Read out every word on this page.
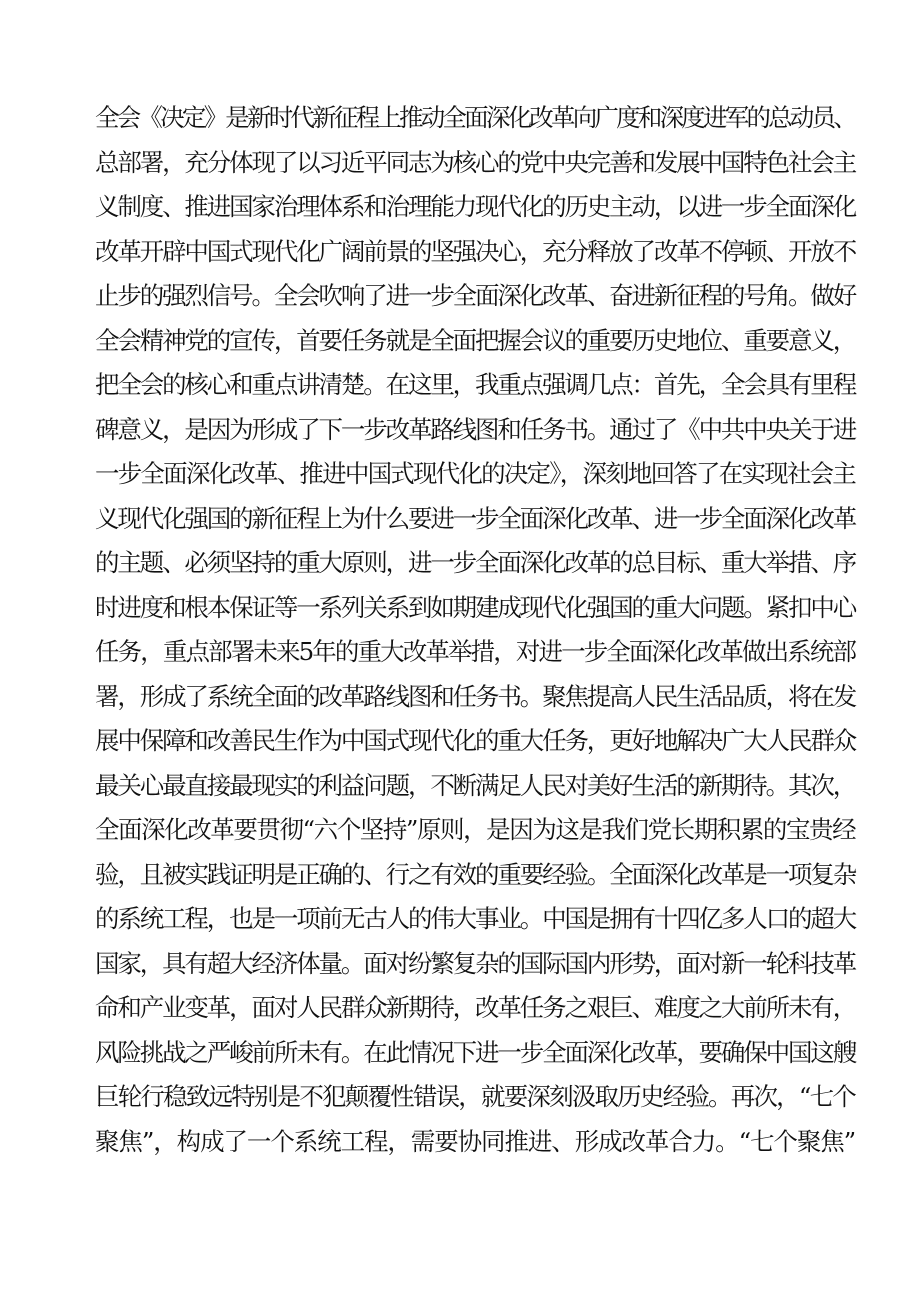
全会《决定》是新时代新征程上推动全面深化改革向广度和深度进军的总动员、
总部署，充分体现了以习近平同志为核心的党中央完善和发展中国特色社会主
义制度、推进国家治理体系和治理能力现代化的历史主动，以进一步全面深化
改革开辟中国式现代化广阔前景的坚强决心，充分释放了改革不停顿、开放不
止步的强烈信号。全会吹响了进一步全面深化改革、奋进新征程的号角。做好
全会精神党的宣传，首要任务就是全面把握会议的重要历史地位、重要意义，
把全会的核心和重点讲清楚。在这里，我重点强调几点：首先，全会具有里程
碑意义，是因为形成了下一步改革路线图和任务书。通过了《中共中央关于进
一步全面深化改革、推进中国式现代化的决定》，深刻地回答了在实现社会主
义现代化强国的新征程上为什么要进一步全面深化改革、进一步全面深化改革
的主题、必须坚持的重大原则，进一步全面深化改革的总目标、重大举措、序
时进度和根本保证等一系列关系到如期建成现代化强国的重大问题。紧扣中心
任务，重点部署未来5年的重大改革举措，对进一步全面深化改革做出系统部
署，形成了系统全面的改革路线图和任务书。聚焦提高人民生活品质，将在发
展中保障和改善民生作为中国式现代化的重大任务，更好地解决广大人民群众
最关心最直接最现实的利益问题，不断满足人民对美好生活的新期待。其次，
全面深化改革要贯彻“六个坚持”原则，是因为这是我们党长期积累的宝贵经
验，且被实践证明是正确的、行之有效的重要经验。全面深化改革是一项复杂
的系统工程，也是一项前无古人的伟大事业。中国是拥有十四亿多人口的超大
国家，具有超大经济体量。面对纷繁复杂的国际国内形势，面对新一轮科技革
命和产业变革，面对人民群众新期待，改革任务之艰巨、难度之大前所未有，
风险挑战之严峻前所未有。在此情况下进一步全面深化改革，要确保中国这艘
巨轮行稳致远特别是不犯颠覆性错误，就要深刻汲取历史经验。再次，“七个
聚焦”，构成了一个系统工程，需要协同推进、形成改革合力。“七个聚焦”
